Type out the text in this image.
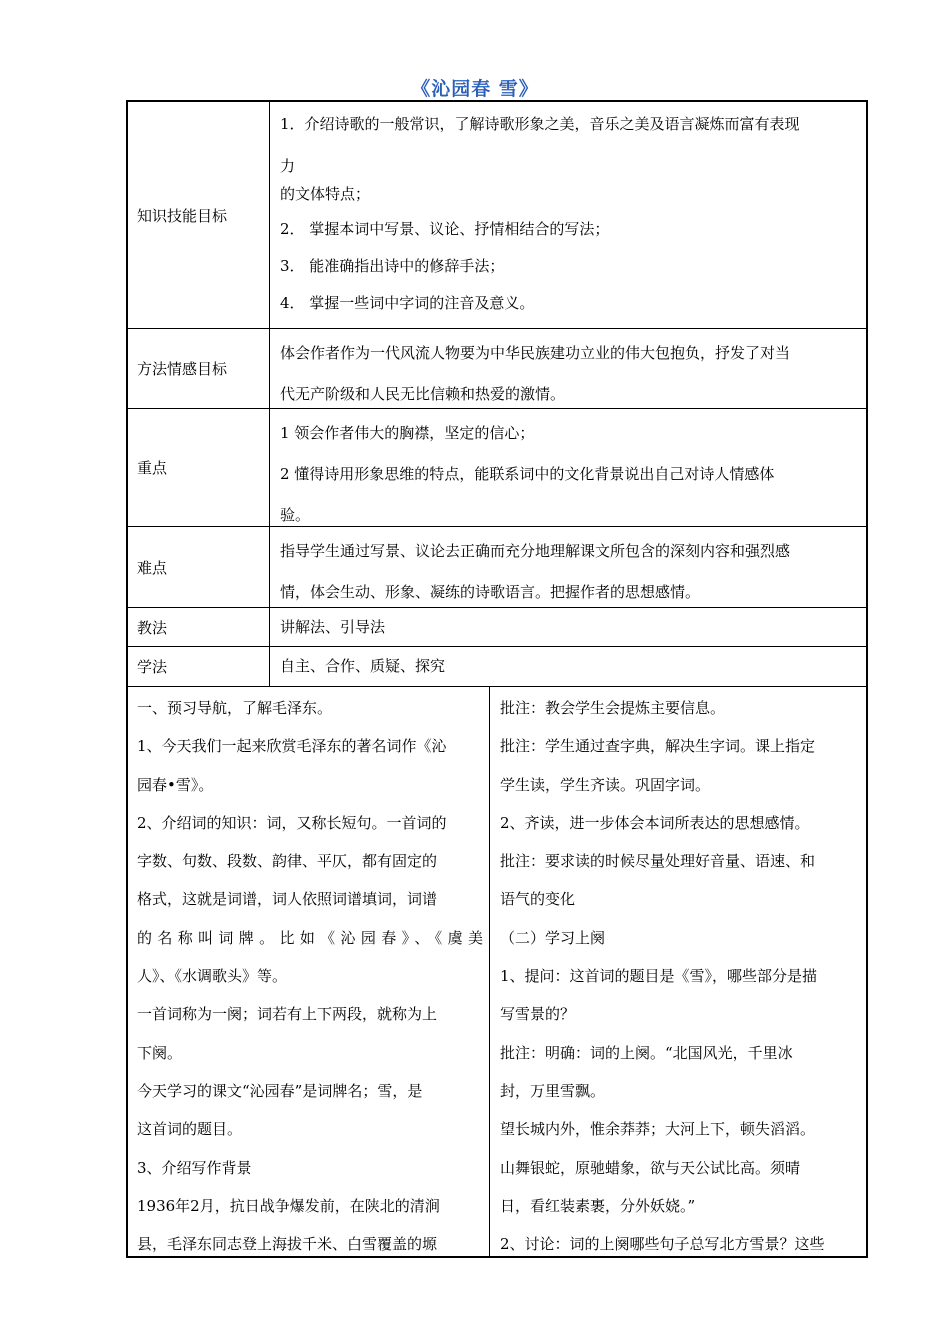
《沁园春 雪》
知识技能目标
1．介绍诗歌的一般常识，了解诗歌形象之美，音乐之美及语言凝炼而富有表现
力
的文体特点；
2． 掌握本词中写景、议论、抒情相结合的写法；
3． 能准确指出诗中的修辞手法；
4． 掌握一些词中字词的注音及意义。
方法情感目标
体会作者作为一代风流人物要为中华民族建功立业的伟大包抱负，抒发了对当
代无产阶级和人民无比信赖和热爱的激情。
重点
1 领会作者伟大的胸襟，坚定的信心；
2 懂得诗用形象思维的特点，能联系词中的文化背景说出自己对诗人情感体
验。
难点
指导学生通过写景、议论去正确而充分地理解课文所包含的深刻内容和强烈感
情，体会生动、形象、凝练的诗歌语言。把握作者的思想感情。
教法	讲解法、引导法
学法	自主、合作、质疑、探究
一、预习导航，了解毛泽东。
1、今天我们一起来欣赏毛泽东的著名词作《沁
园春•雪》。
2、介绍词的知识：词，又称长短句。一首词的
字数、句数、段数、韵律、平仄，都有固定的
格式，这就是词谱，词人依照词谱填词，词谱
的名称叫词牌。比如《沁园春》、《虞美
人》、《水调歌头》等。
一首词称为一阕；词若有上下两段，就称为上
下阕。
今天学习的课文“沁园春”是词牌名；雪，是
这首词的题目。
3、介绍写作背景
1936年2月，抗日战争爆发前，在陕北的清涧
县，毛泽东同志登上海拔千米、白雪覆盖的塬
批注：教会学生会提炼主要信息。
批注：学生通过查字典，解决生字词。课上指定
学生读，学生齐读。巩固字词。
2、齐读，进一步体会本词所表达的思想感情。
批注：要求读的时候尽量处理好音量、语速、和
语气的变化
（二）学习上阕
1、提问：这首词的题目是《雪》，哪些部分是描
写雪景的？
批注：明确：词的上阕。“北国风光，千里冰
封，万里雪飘。
望长城内外，惟余莽莽；大河上下，顿失滔滔。
山舞银蛇，原驰蜡象，欲与天公试比高。须晴
日，看红装素裹，分外妖娆。”
2、讨论：词的上阕哪些句子总写北方雪景？这些
